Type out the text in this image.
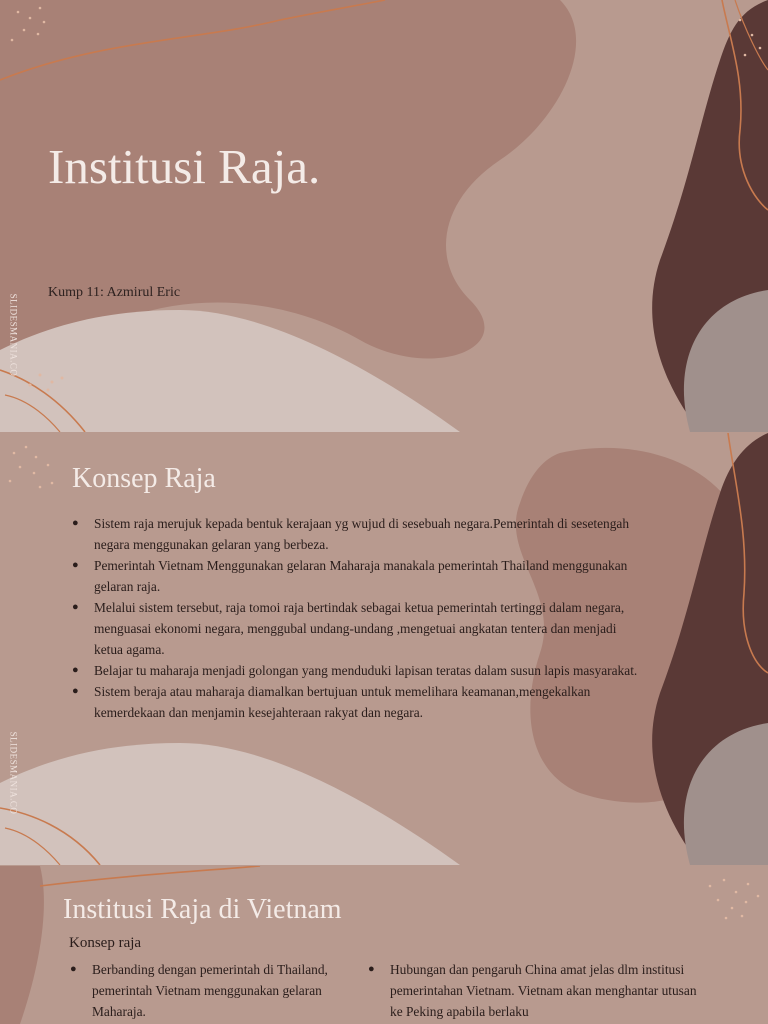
Institusi Raja.
Kump 11: Azmirul Eric
SLIDESMANIA.CO
Konsep Raja
● Sistem raja merujuk kepada bentuk kerajaan yg wujud di sesebuah negara.Pemerintah di sesetengah negara menggunakan gelaran yang berbeza.
● Pemerintah Vietnam Menggunakan gelaran Maharaja manakala pemerintah Thailand menggunakan gelaran raja.
● Melalui sistem tersebut, raja tomoi raja bertindak sebagai ketua pemerintah tertinggi dalam negara, menguasai ekonomi negara, menggubal undang-undang ,mengetuai angkatan tentera dan menjadi ketua agama.
● Belajar tu maharaja menjadi golongan yang menduduki lapisan teratas dalam susun lapis masyarakat.
● Sistem beraja atau maharaja diamalkan bertujuan untuk memelihara keamanan,mengekalkan kemerdekaan dan menjamin kesejahteraan rakyat dan negara.
SLIDESMANIA.CO
Institusi Raja di Vietnam
Konsep raja
● Berbanding dengan pemerintah di Thailand, pemerintah Vietnam menggunakan gelaran Maharaja.
● Hubungan dan pengaruh China amat jelas dlm institusi pemerintahan Vietnam. Vietnam akan menghantar utusan ke Peking apabila berlaku
